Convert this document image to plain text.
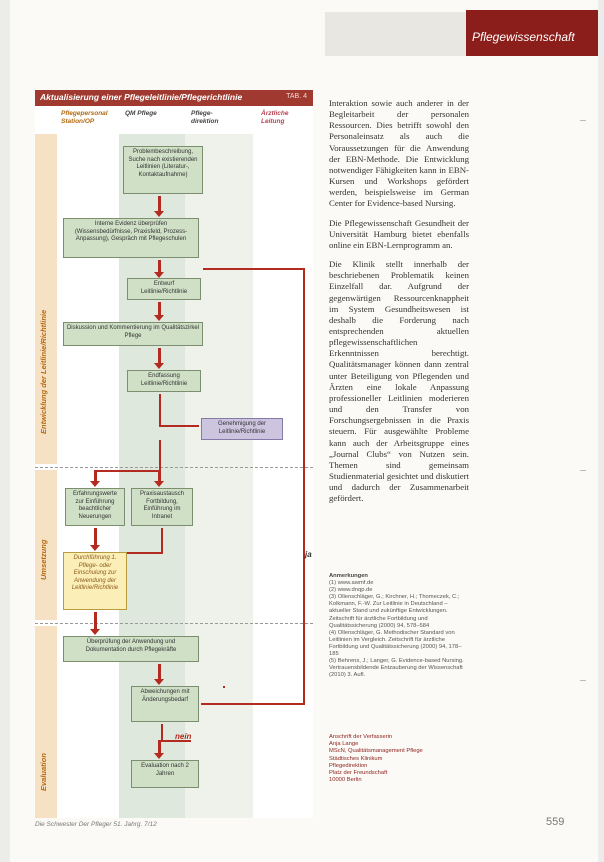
Pflegewissenschaft
Aktualisierung einer Pflegeleitlinie/Pflegerichtlinie	TAB. 4
Pflegepersonal Station/OP
QM Pflege	Pflege-direktion
Ärztliche Leitung
Entwicklung der Leitlinie/Richtlinie
Umsetzung
Evaluation
Problembeschreibung, Suche nach existierenden Leitlinien (Literatur-, Kontaktaufnahme)
Interne Evidenz überprüfen (Wissensbedürfnisse, Praxisfeld, Prozess-Anpassung), Gespräch mit Pflegeschulen
Entwurf Leitlinie/Richtlinie
Diskussion und Kommentierung im Qualitätszirkel Pflege
Endfassung Leitlinie/Richtlinie
Genehmigung der Leitlinie/Richtlinie
Erfahrungswerte zur Einführung beachtlicher Neuerungen
Praxisaustausch Fortbildung, Einführung im Intranet
Durchführung 1. Pflege- oder Einschulung zur Anwendung der Leitlinie/Richtlinie
Überprüfung der Anwendung und Dokumentation durch Pflegekräfte
Abweichungen mit Änderungsbedarf
nein
Evaluation nach 2 Jahren
ja

Interaktion sowie auch anderer in der Begleitarbeit der personalen Ressourcen. Dies betrifft sowohl den Personaleinsatz als auch die Voraussetzungen für die Anwendung der EBN-Methode. Die Entwicklung notwendiger Fähigkeiten kann in EBN-Kursen und Workshops gefördert werden, beispielsweise im German Center for Evidence-based Nursing.

Die Pflegewissenschaft Gesundheit der Universität Hamburg bietet ebenfalls online ein EBN-Lernprogramm an.

Die Klinik stellt innerhalb der beschriebenen Problematik keinen Einzelfall dar. Aufgrund der gegenwärtigen Ressourcenknappheit im System Gesundheitswesen ist deshalb die Forderung nach entsprechenden aktuellen pflegewissenschaftlichen Erkenntnissen berechtigt. Qualitätsmanager können dann zentral unter Beteiligung von Pflegenden und Ärzten eine lokale Anpassung professioneller Leitlinien moderieren und den Transfer von Forschungsergebnissen in die Praxis steuern. Für ausgewählte Probleme kann auch der Arbeitsgruppe eines „Journal Clubs“ von Nutzen sein. Themen sind gemeinsam Studienmaterial gesichtet und diskutiert und dadurch der Zusammenarbeit gefördert.

Anmerkungen
(1) www.awmf.de
(2) www.dnqp.de
(3) Ollenschläger, G.; Kirchner, H.; Thomeczek, C.; Kolkmann, F.-W. Zur Leitlinie in Deutschland – aktueller Stand und zukünftige Entwicklungen. Zeitschrift für ärztliche Fortbildung und Qualitätssicherung (2000) 94, 578–584
(4) Ollenschläger, G. Methodischer Standard von Leitlinien im Vergleich. Zeitschrift für ärztliche Fortbildung und Qualitätssicherung (2000) 94, 178–185
(5) Behrens, J.; Langer, G. Evidence-based Nursing. Vertrauensbildende Entzauberung der Wissenschaft (2010) 3. Aufl.
Anschrift der Verfasserin
Anja Lange
MScN, Qualitätsmanagement Pflege
Städtisches Klinikum
Pflegedirektion
Platz der Freundschaft
10000 Berlin
Die Schwester Der Pfleger 51. Jahrg. 7/12	559
